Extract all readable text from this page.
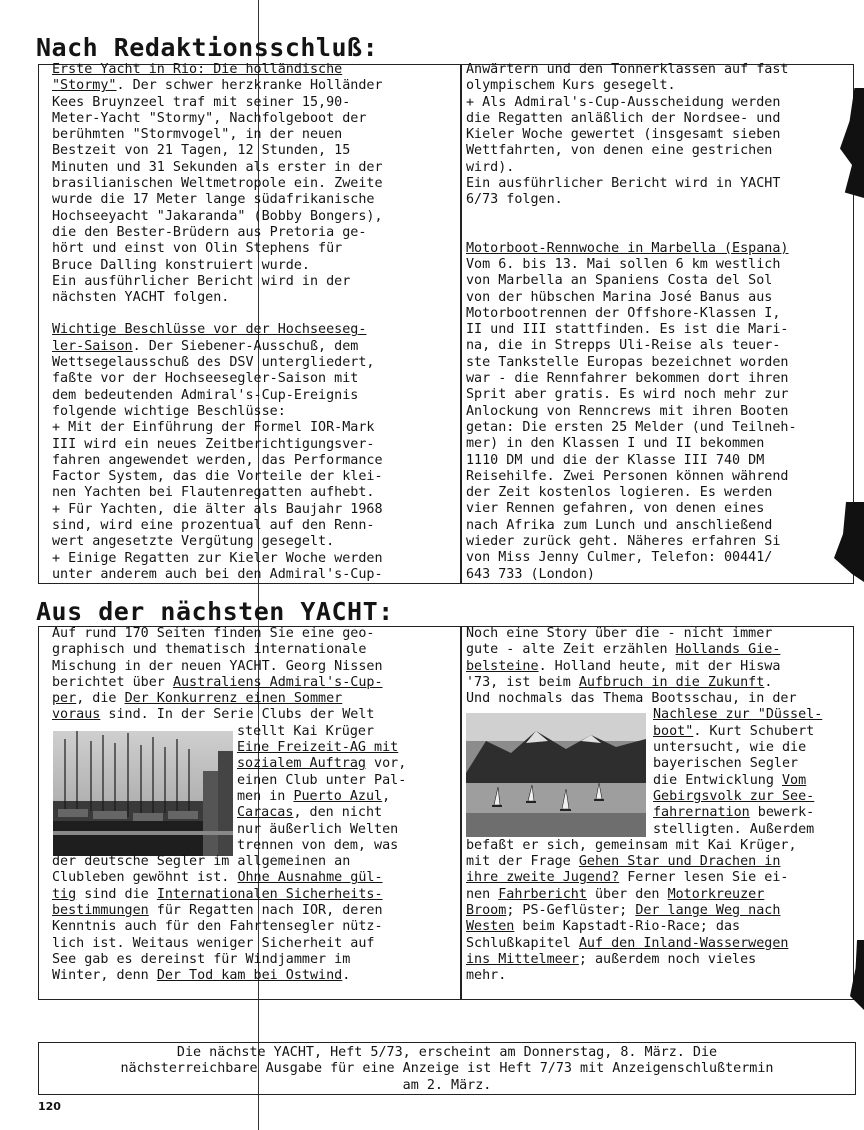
Nach Redaktionsschluß:

Erste Yacht in Rio: Die holländische

"Stormy". Der schwer herzkranke Holländer

Kees Bruynzeel traf mit seiner 15,90-

Meter-Yacht "Stormy", Nachfolgeboot der

berühmten "Stormvogel", in der neuen

Bestzeit von 21 Tagen, 12 Stunden, 15

Minuten und 31 Sekunden als erster in der

brasilianischen Weltmetropole ein. Zweite

wurde die 17 Meter lange südafrikanische

Hochseeyacht "Jakaranda" (Bobby Bongers),

die den Bester-Brüdern aus Pretoria ge-

hört und einst von Olin Stephens für

Bruce Dalling konstruiert wurde.

Ein ausführlicher Bericht wird in der

nächsten YACHT folgen.

Wichtige Beschlüsse vor der Hochseeseg-

ler-Saison. Der Siebener-Ausschuß, dem

Wettsegelausschuß des DSV untergliedert,

faßte vor der Hochseesegler-Saison mit

dem bedeutenden Admiral's-Cup-Ereignis

folgende wichtige Beschlüsse:

+ Mit der Einführung der Formel IOR-Mark

III wird ein neues Zeitberichtigungsver-

fahren angewendet werden, das Performance

Factor System, das die Vorteile der klei-

nen Yachten bei Flautenregatten aufhebt.

+ Für Yachten, die älter als Baujahr 1968

sind, wird eine prozentual auf den Renn-

wert angesetzte Vergütung gesegelt.

+ Einige Regatten zur Kieler Woche werden

unter anderem auch bei den Admiral's-Cup-

Anwärtern und den Tonnerklassen auf fast

olympischem Kurs gesegelt.

+ Als Admiral's-Cup-Ausscheidung werden

die Regatten anläßlich der Nordsee- und

Kieler Woche gewertet (insgesamt sieben

Wettfahrten, von denen eine gestrichen

wird).

Ein ausführlicher Bericht wird in YACHT

6/73 folgen.

Motorboot-Rennwoche in Marbella (Espana)

Vom 6. bis 13. Mai sollen 6 km westlich

von Marbella an Spaniens Costa del Sol

von der hübschen Marina José Banus aus

Motorbootrennen der Offshore-Klassen I,

II und III stattfinden. Es ist die Mari-

na, die in Strepps Uli-Reise als teuer-

ste Tankstelle Europas bezeichnet worden

war - die Rennfahrer bekommen dort ihren

Sprit aber gratis. Es wird noch mehr zur

Anlockung von Renncrews mit ihren Booten

getan: Die ersten 25 Melder (und Teilneh-

mer) in den Klassen I und II bekommen

1110 DM und die der Klasse III 740 DM

Reisehilfe. Zwei Personen können während

der Zeit kostenlos logieren. Es werden

vier Rennen gefahren, von denen eines

nach Afrika zum Lunch und anschließend

wieder zurück geht. Näheres erfahren Si

von Miss Jenny Culmer, Telefon: 00441/

643 733 (London)

Aus der nächsten YACHT:

Auf rund 170 Seiten finden Sie eine geo-

graphisch und thematisch internationale

Mischung in der neuen YACHT. Georg Nissen

berichtet über Australiens Admiral's-Cup-

per, die Der Konkurrenz einen Sommer

voraus sind. In der Serie Clubs der Welt

stellt Kai Krüger

Eine Freizeit-AG mit

sozialem Auftrag vor,

einen Club unter Pal-

men in Puerto Azul,

Caracas, den nicht

nur äußerlich Welten

trennen von dem, was

der deutsche Segler im allgemeinen an

Clubleben gewöhnt ist. Ohne Ausnahme gül-

tig sind die Internationalen Sicherheits-

bestimmungen für Regatten nach IOR, deren

Kenntnis auch für den Fahrtensegler nütz-

lich ist. Weitaus weniger Sicherheit auf

See gab es dereinst für Windjammer im

Winter, denn Der Tod kam bei Ostwind.

Noch eine Story über die - nicht immer

gute - alte Zeit erzählen Hollands Gie-

belsteine. Holland heute, mit der Hiswa

'73, ist beim Aufbruch in die Zukunft.

Und nochmals das Thema Bootsschau, in der

Nachlese zur "Düssel-

boot". Kurt Schubert

untersucht, wie die

bayerischen Segler

die Entwicklung Vom

Gebirgsvolk zur See-

fahrernation bewerk-

stelligten. Außerdem

befaßt er sich, gemeinsam mit Kai Krüger,

mit der Frage Gehen Star und Drachen in

ihre zweite Jugend? Ferner lesen Sie ei-

nen Fahrbericht über den Motorkreuzer

Broom; PS-Geflüster; Der lange Weg nach

Westen beim Kapstadt-Rio-Race; das

Schlußkapitel Auf den Inland-Wasserwegen

ins Mittelmeer; außerdem noch vieles

mehr.

Die nächste YACHT, Heft 5/73, erscheint am Donnerstag, 8. März. Die

nächsterreichbare Ausgabe für eine Anzeige ist Heft 7/73 mit Anzeigenschlußtermin

am 2. März.

120
